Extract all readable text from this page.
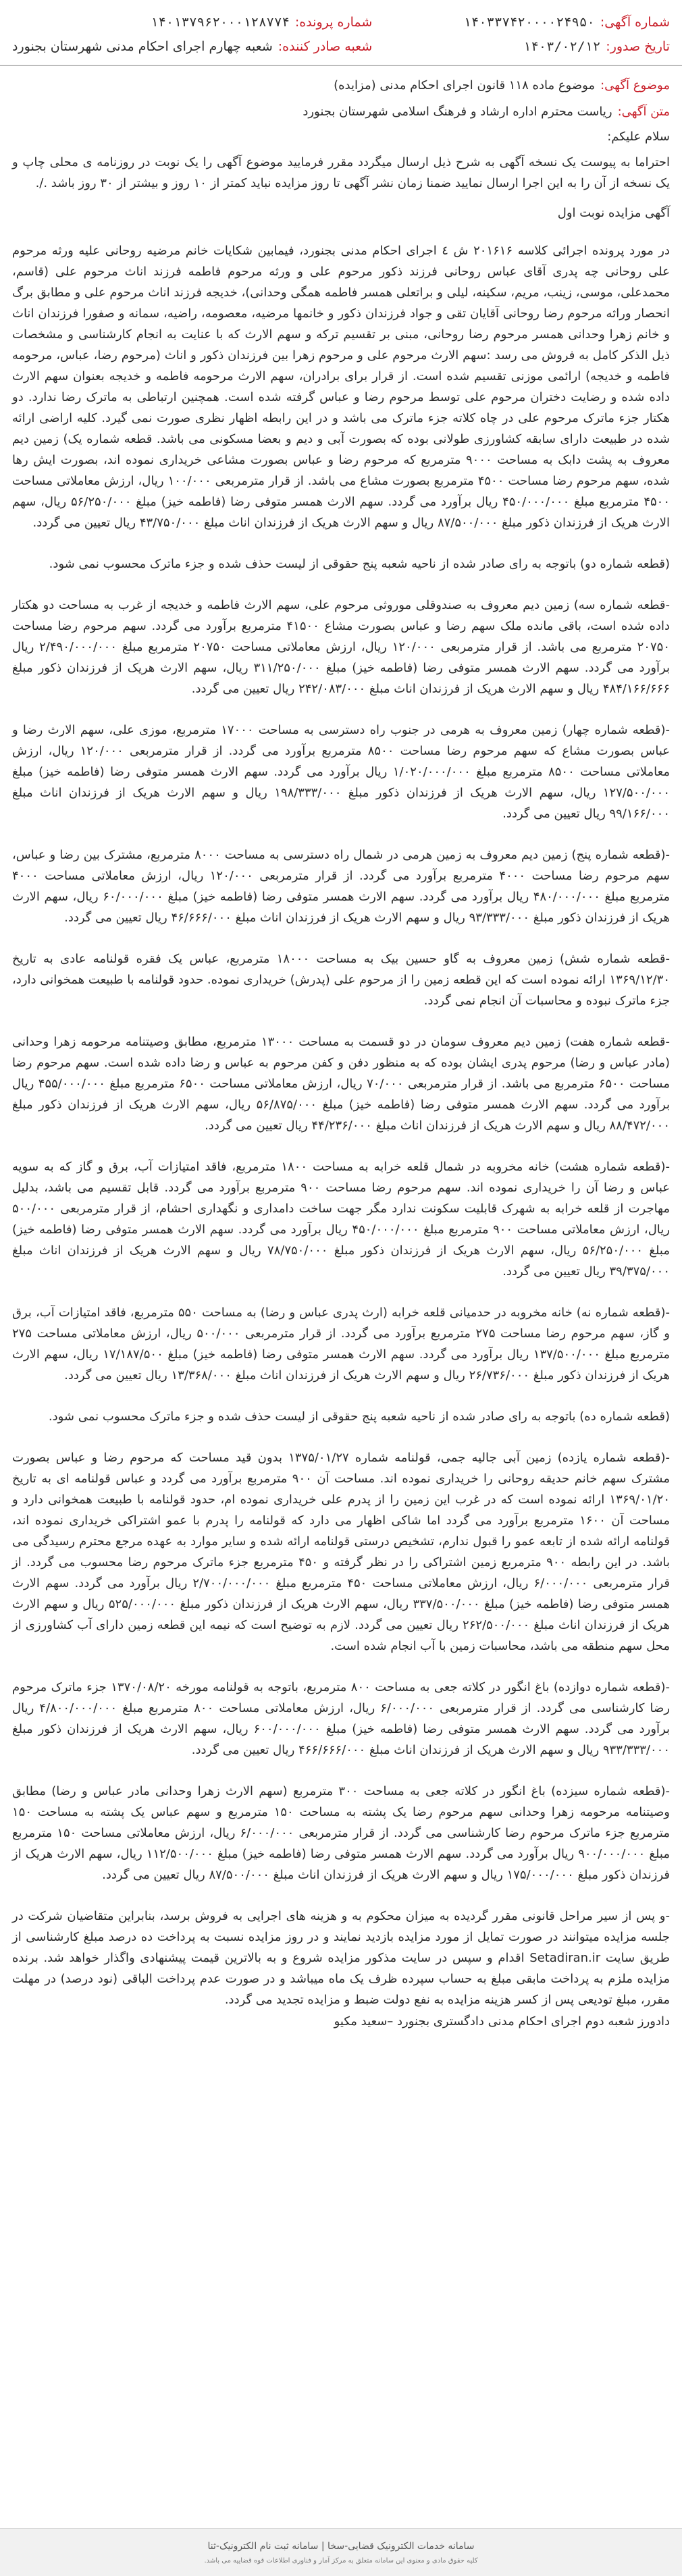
شماره آگهی:
۱۴۰۳۳۷۴۲۰۰۰۰۲۴۹۵۰
تاریخ صدور:
۱۴۰۳/۰۲/۱۲
شماره پرونده:
۱۴۰۱۳۷۹۶۲۰۰۰۱۲۸۷۷۴
شعبه صادر کننده:
شعبه چهارم اجرای احکام مدنی شهرستان بجنورد
موضوع آگهی:
موضوع ماده ۱۱۸ قانون اجرای احکام مدنی (مزایده)
متن آگهی:
ریاست محترم اداره ارشاد و فرهنگ اسلامی شهرستان بجنورد
سلام علیکم:

احتراما به پیوست یک نسخه آگهی به شرح ذیل ارسال میگردد مقرر فرمایید موضوع آگهی را یک نوبت در روزنامه ی محلی چاپ و یک نسخه از آن را به این اجرا ارسال نمایید ضمنا زمان نشر آگهی تا روز مزایده نباید کمتر از ۱۰ روز و بیشتر از ۳۰ روز باشد ./.

آگهی مزایده نوبت اول

در مورد پرونده اجرائی کلاسه ۲۰۱۶۱۶ ش ٤ اجرای احکام مدنی بجنورد، فیمابین شکایات خانم مرضیه روحانی علیه ورثه مرحوم علی روحانی چه پدری آقای عباس روحانی فرزند ذکور مرحوم علی و ورثه مرحوم فاطمه فرزند اناث مرحوم علی (قاسم، محمدعلی، موسی، زینب، مریم، سکینه، لیلی و براتعلی همسر فاطمه همگی وحدانی)، خدیجه فرزند اناث مرحوم علی و مطابق برگ انحصار وراثه مرحوم رضا روحانی آقایان تقی و جواد فرزندان ذکور و خانمها مرضیه، معصومه، راضیه، سمانه و صفورا فرزندان اناث و خانم زهرا وحدانی همسر مرحوم رضا روحانی، مبنی بر تقسیم ترکه و سهم الارث که با عنایت به انجام کارشناسی و مشخصات ذیل الذکر کامل به فروش می رسد :سهم الارث مرحوم علی و مرحوم زهرا بین فرزندان ذکور و اناث (مرحوم رضا، عباس، مرحومه فاطمه و خدیجه) ارائمی موزنی تقسیم شده است. از قرار برای برادران، سهم الارث مرحومه فاطمه و خدیجه بعنوان سهم الارث داده شده و رضایت دختران مرحوم علی توسط مرحوم رضا و عباس گرفته شده است. همچنین ارتباطی به ماترک رضا ندارد. دو هکتار جزء ماترک مرحوم علی در چاه کلاته جزء ماترک می باشد و در این رابطه اظهار نظری صورت نمی گیرد. کلیه اراضی ارائه شده در طبیعت دارای سابقه کشاورزی طولانی بوده که بصورت آبی و دیم و بعضا مسکونی می باشد. قطعه شماره یک) زمین دیم معروف به پشت دابک به مساحت ۹۰۰۰ مترمربع که مرحوم رضا و عباس بصورت مشاعی خریداری نموده اند، بصورت ایش رها شده، سهم مرحوم رضا مساحت ۴۵۰۰ مترمربع بصورت مشاع می باشد. از قرار مترمربعی ۱۰۰/۰۰۰ ریال، ارزش معاملاتی مساحت ۴۵۰۰ مترمربع مبلغ ۴۵۰/۰۰۰/۰۰۰ ریال برآورد می گردد. سهم الارث همسر متوفی رضا (فاطمه خیز) مبلغ ۵۶/۲۵۰/۰۰۰ ریال، سهم الارث هریک از فرزندان ذکور مبلغ ۸۷/۵۰۰/۰۰۰ ریال و سهم الارث هریک از فرزندان اناث مبلغ ۴۳/۷۵۰/۰۰۰ ریال تعیین می گردد.

(قطعه شماره دو) باتوجه به رای صادر شده از ناحیه شعبه پنج حقوقی از لیست حذف شده و جزء ماترک محسوب نمی شود.

-قطعه شماره سه) زمین دیم معروف به صندوقلی موروثی مرحوم علی، سهم الارث فاطمه و خدیجه از غرب به مساحت دو هکتار داده شده است، باقی مانده ملک سهم رضا و عباس بصورت مشاع ۴۱۵۰۰ مترمربع برآورد می گردد. سهم مرحوم رضا مساحت ۲۰۷۵۰ مترمربع می باشد. از قرار مترمربعی ۱۲۰/۰۰۰ ریال، ارزش معاملاتی مساحت ۲۰۷۵۰ مترمربع مبلغ ۲/۴۹۰/۰۰۰/۰۰۰ ریال برآورد می گردد. سهم الارث همسر متوفی رضا (فاطمه خیز) مبلغ ۳۱۱/۲۵۰/۰۰۰ ریال، سهم الارث هریک از فرزندان ذکور مبلغ ۴۸۴/۱۶۶/۶۶۶ ریال و سهم الارث هریک از فرزندان اناث مبلغ ۲۴۲/۰۸۳/۰۰۰ ریال تعیین می گردد.

-(قطعه شماره چهار) زمین معروف به هرمی در جنوب راه دسترسی به مساحت ۱۷۰۰۰ مترمربع، موزی علی، سهم الارث رضا و عباس بصورت مشاع که سهم مرحوم رضا مساحت ۸۵۰۰ مترمربع برآورد می گردد. از قرار مترمربعی ۱۲۰/۰۰۰ ریال، ارزش معاملاتی مساحت ۸۵۰۰ مترمربع مبلغ ۱/۰۲۰/۰۰۰/۰۰۰ ریال برآورد می گردد. سهم الارث همسر متوفی رضا (فاطمه خیز) مبلغ ۱۲۷/۵۰۰/۰۰۰ ریال، سهم الارث هریک از فرزندان ذکور مبلغ ۱۹۸/۳۳۳/۰۰۰ ریال و سهم الارث هریک از فرزندان اناث مبلغ ۹۹/۱۶۶/۰۰۰ ریال تعیین می گردد.

-(قطعه شماره پنج) زمین دیم معروف به زمین هرمی در شمال راه دسترسی به مساحت ۸۰۰۰ مترمربع، مشترک بین رضا و عباس، سهم مرحوم رضا مساحت ۴۰۰۰ مترمربع برآورد می گردد. از قرار مترمربعی ۱۲۰/۰۰۰ ریال، ارزش معاملاتی مساحت ۴۰۰۰ مترمربع مبلغ ۴۸۰/۰۰۰/۰۰۰ ریال برآورد می گردد. سهم الارث همسر متوفی رضا (فاطمه خیز) مبلغ ۶۰/۰۰۰/۰۰۰ ریال، سهم الارث هریک از فرزندان ذکور مبلغ ۹۳/۳۳۳/۰۰۰ ریال و سهم الارث هریک از فرزندان اناث مبلغ ۴۶/۶۶۶/۰۰۰ ریال تعیین می گردد.

-قطعه شماره شش) زمین معروف به گاو حسین بیک به مساحت ۱۸۰۰۰ مترمربع، عباس یک فقره قولنامه عادی به تاریخ ۱۳۶۹/۱۲/۳۰ ارائه نموده است که این قطعه زمین را از مرحوم علی (پدرش) خریداری نموده. حدود قولنامه با طبیعت همخوانی دارد، جزء ماترک نبوده و محاسبات آن انجام نمی گردد.

-قطعه شماره هفت) زمین دیم معروف سومان در دو قسمت به مساحت ۱۳۰۰۰ مترمربع، مطابق وصیتنامه مرحومه زهرا وحدانی (مادر عباس و رضا) مرحوم پدری ایشان بوده که به منظور دفن و کفن مرحوم به عباس و رضا داده شده است. سهم مرحوم رضا مساحت ۶۵۰۰ مترمربع می باشد. از قرار مترمربعی ۷۰/۰۰۰ ریال، ارزش معاملاتی مساحت ۶۵۰۰ مترمربع مبلغ ۴۵۵/۰۰۰/۰۰۰ ریال برآورد می گردد. سهم الارث همسر متوفی رضا (فاطمه خیز) مبلغ ۵۶/۸۷۵/۰۰۰ ریال، سهم الارث هریک از فرزندان ذکور مبلغ ۸۸/۴۷۲/۰۰۰ ریال و سهم الارث هریک از فرزندان اناث مبلغ ۴۴/۲۳۶/۰۰۰ ریال تعیین می گردد.

-(قطعه شماره هشت) خانه مخروبه در شمال قلعه خرابه به مساحت ۱۸۰۰ مترمربع، فاقد امتیازات آب، برق و گاز که به سویه عباس و رضا آن را خریداری نموده اند. سهم مرحوم رضا مساحت ۹۰۰ مترمربع برآورد می گردد. قابل تقسیم می باشد، بدلیل مهاجرت از قلعه خرابه به شهرک قابلیت سکونت ندارد مگر جهت ساخت دامداری و نگهداری احشام، از قرار مترمربعی ۵۰۰/۰۰۰ ریال، ارزش معاملاتی مساحت ۹۰۰ مترمربع مبلغ ۴۵۰/۰۰۰/۰۰۰ ریال برآورد می گردد. سهم الارث همسر متوفی رضا (فاطمه خیز) مبلغ ۵۶/۲۵۰/۰۰۰ ریال، سهم الارث هریک از فرزندان ذکور مبلغ ۷۸/۷۵۰/۰۰۰ ریال و سهم الارث هریک از فرزندان اناث مبلغ ۳۹/۳۷۵/۰۰۰ ریال تعیین می گردد.

-(قطعه شماره نه) خانه مخروبه در حدمیانی قلعه خرابه (ارث پدری عباس و رضا) به مساحت ۵۵۰ مترمربع، فاقد امتیازات آب، برق و گاز، سهم مرحوم رضا مساحت ۲۷۵ مترمربع برآورد می گردد. از قرار مترمربعی ۵۰۰/۰۰۰ ریال، ارزش معاملاتی مساحت ۲۷۵ مترمربع مبلغ ۱۳۷/۵۰۰/۰۰۰ ریال برآورد می گردد. سهم الارث همسر متوفی رضا (فاطمه خیز) مبلغ ۱۷/۱۸۷/۵۰۰ ریال، سهم الارث هریک از فرزندان ذکور مبلغ ۲۶/۷۳۶/۰۰۰ ریال و سهم الارث هریک از فرزندان اناث مبلغ ۱۳/۳۶۸/۰۰۰ ریال تعیین می گردد.

(قطعه شماره ده) باتوجه به رای صادر شده از ناحیه شعبه پنج حقوقی از لیست حذف شده و جزء ماترک محسوب نمی شود.

-(قطعه شماره یازده) زمین آبی جالیه جمی، قولنامه شماره ۱۳۷۵/۰۱/۲۷ بدون قید مساحت که مرحوم رضا و عباس بصورت مشترک سهم خانم حدیقه روحانی را خریداری نموده اند. مساحت آن ۹۰۰ مترمربع برآورد می گردد و عباس قولنامه ای به تاریخ ۱۳۶۹/۰۱/۲۰ ارائه نموده است که در غرب این زمین را از پدرم علی خریداری نموده ام، حدود قولنامه با طبیعت همخوانی دارد و مساحت آن ۱۶۰۰ مترمربع برآورد می گردد اما شاکی اظهار می دارد که قولنامه را پدرم با عمو اشتراکی خریداری نموده اند، قولنامه ارائه شده از تابعه عمو را قبول ندارم، تشخیص درستی قولنامه ارائه شده و سایر موارد به عهده مرجع محترم رسیدگی می باشد. در این رابطه ۹۰۰ مترمربع زمین اشتراکی را در نظر گرفته و ۴۵۰ مترمربع جزء ماترک مرحوم رضا محسوب می گردد. از قرار مترمربعی ۶/۰۰۰/۰۰۰ ریال، ارزش معاملاتی مساحت ۴۵۰ مترمربع مبلغ ۲/۷۰۰/۰۰۰/۰۰۰ ریال برآورد می گردد. سهم الارث همسر متوفی رضا (فاطمه خیز) مبلغ ۳۳۷/۵۰۰/۰۰۰ ریال، سهم الارث هریک از فرزندان ذکور مبلغ ۵۲۵/۰۰۰/۰۰۰ ریال و سهم الارث هریک از فرزندان اناث مبلغ ۲۶۲/۵۰۰/۰۰۰ ریال تعیین می گردد. لازم به توضیح است که نیمه این قطعه زمین دارای آب کشاورزی از محل سهم منطقه می باشد، محاسبات زمین با آب انجام شده است.

-(قطعه شماره دوازده) باغ انگور در کلاته جعی به مساحت ۸۰۰ مترمربع، باتوجه به قولنامه مورخه ۱۳۷۰/۰۸/۲۰ جزء ماترک مرحوم رضا کارشناسی می گردد. از قرار مترمربعی ۶/۰۰۰/۰۰۰ ریال، ارزش معاملاتی مساحت ۸۰۰ مترمربع مبلغ ۴/۸۰۰/۰۰۰/۰۰۰ ریال برآورد می گردد. سهم الارث همسر متوفی رضا (فاطمه خیز) مبلغ ۶۰۰/۰۰۰/۰۰۰ ریال، سهم الارث هریک از فرزندان ذکور مبلغ ۹۳۳/۳۳۳/۰۰۰ ریال و سهم الارث هریک از فرزندان اناث مبلغ ۴۶۶/۶۶۶/۰۰۰ ریال تعیین می گردد.

-(قطعه شماره سیزده) باغ انگور در کلاته جعی به مساحت ۳۰۰ مترمربع (سهم الارث زهرا وحدانی مادر عباس و رضا) مطابق وصیتنامه مرحومه زهرا وحدانی سهم مرحوم رضا یک پشته به مساحت ۱۵۰ مترمربع و سهم عباس یک پشته به مساحت ۱۵۰ مترمربع جزء ماترک مرحوم رضا کارشناسی می گردد. از قرار مترمربعی ۶/۰۰۰/۰۰۰ ریال، ارزش معاملاتی مساحت ۱۵۰ مترمربع مبلغ ۹۰۰/۰۰۰/۰۰۰ ریال برآورد می گردد. سهم الارث همسر متوفی رضا (فاطمه خیز) مبلغ ۱۱۲/۵۰۰/۰۰۰ ریال، سهم الارث هریک از فرزندان ذکور مبلغ ۱۷۵/۰۰۰/۰۰۰ ریال و سهم الارث هریک از فرزندان اناث مبلغ ۸۷/۵۰۰/۰۰۰ ریال تعیین می گردد.

-و پس از سیر مراحل قانونی مقرر گردیده به میزان محکوم به و هزینه های اجرایی به فروش برسد، بنابراین متقاضیان شرکت در جلسه مزایده میتوانند در صورت تمایل از مورد مزایده بازدید نمایند و در روز مزایده نسبت به پرداخت ده درصد مبلغ کارشناسی از طریق سایت Setadiran.ir اقدام و سپس در سایت مذکور مزایده شروع و به بالاترین قیمت پیشنهادی واگذار خواهد شد. برنده مزایده ملزم به پرداخت مابقی مبلغ به حساب سپرده ظرف یک ماه میباشد و در صورت عدم پرداخت الباقی (نود درصد) در مهلت مقرر، مبلغ تودیعی پس از کسر هزینه مزایده به نفع دولت ضبط و مزایده تجدید می گردد.

دادورز شعبه دوم اجرای احکام مدنی دادگستری بجنورد –سعید مکیو
سامانه خدمات الکترونیک قضایی-سخا | سامانه ثبت نام الکترونیک-ثنا
کلیه حقوق مادی و معنوی این سامانه متعلق به مرکز آمار و فناوری اطلاعات قوه قضاییه می باشد.
